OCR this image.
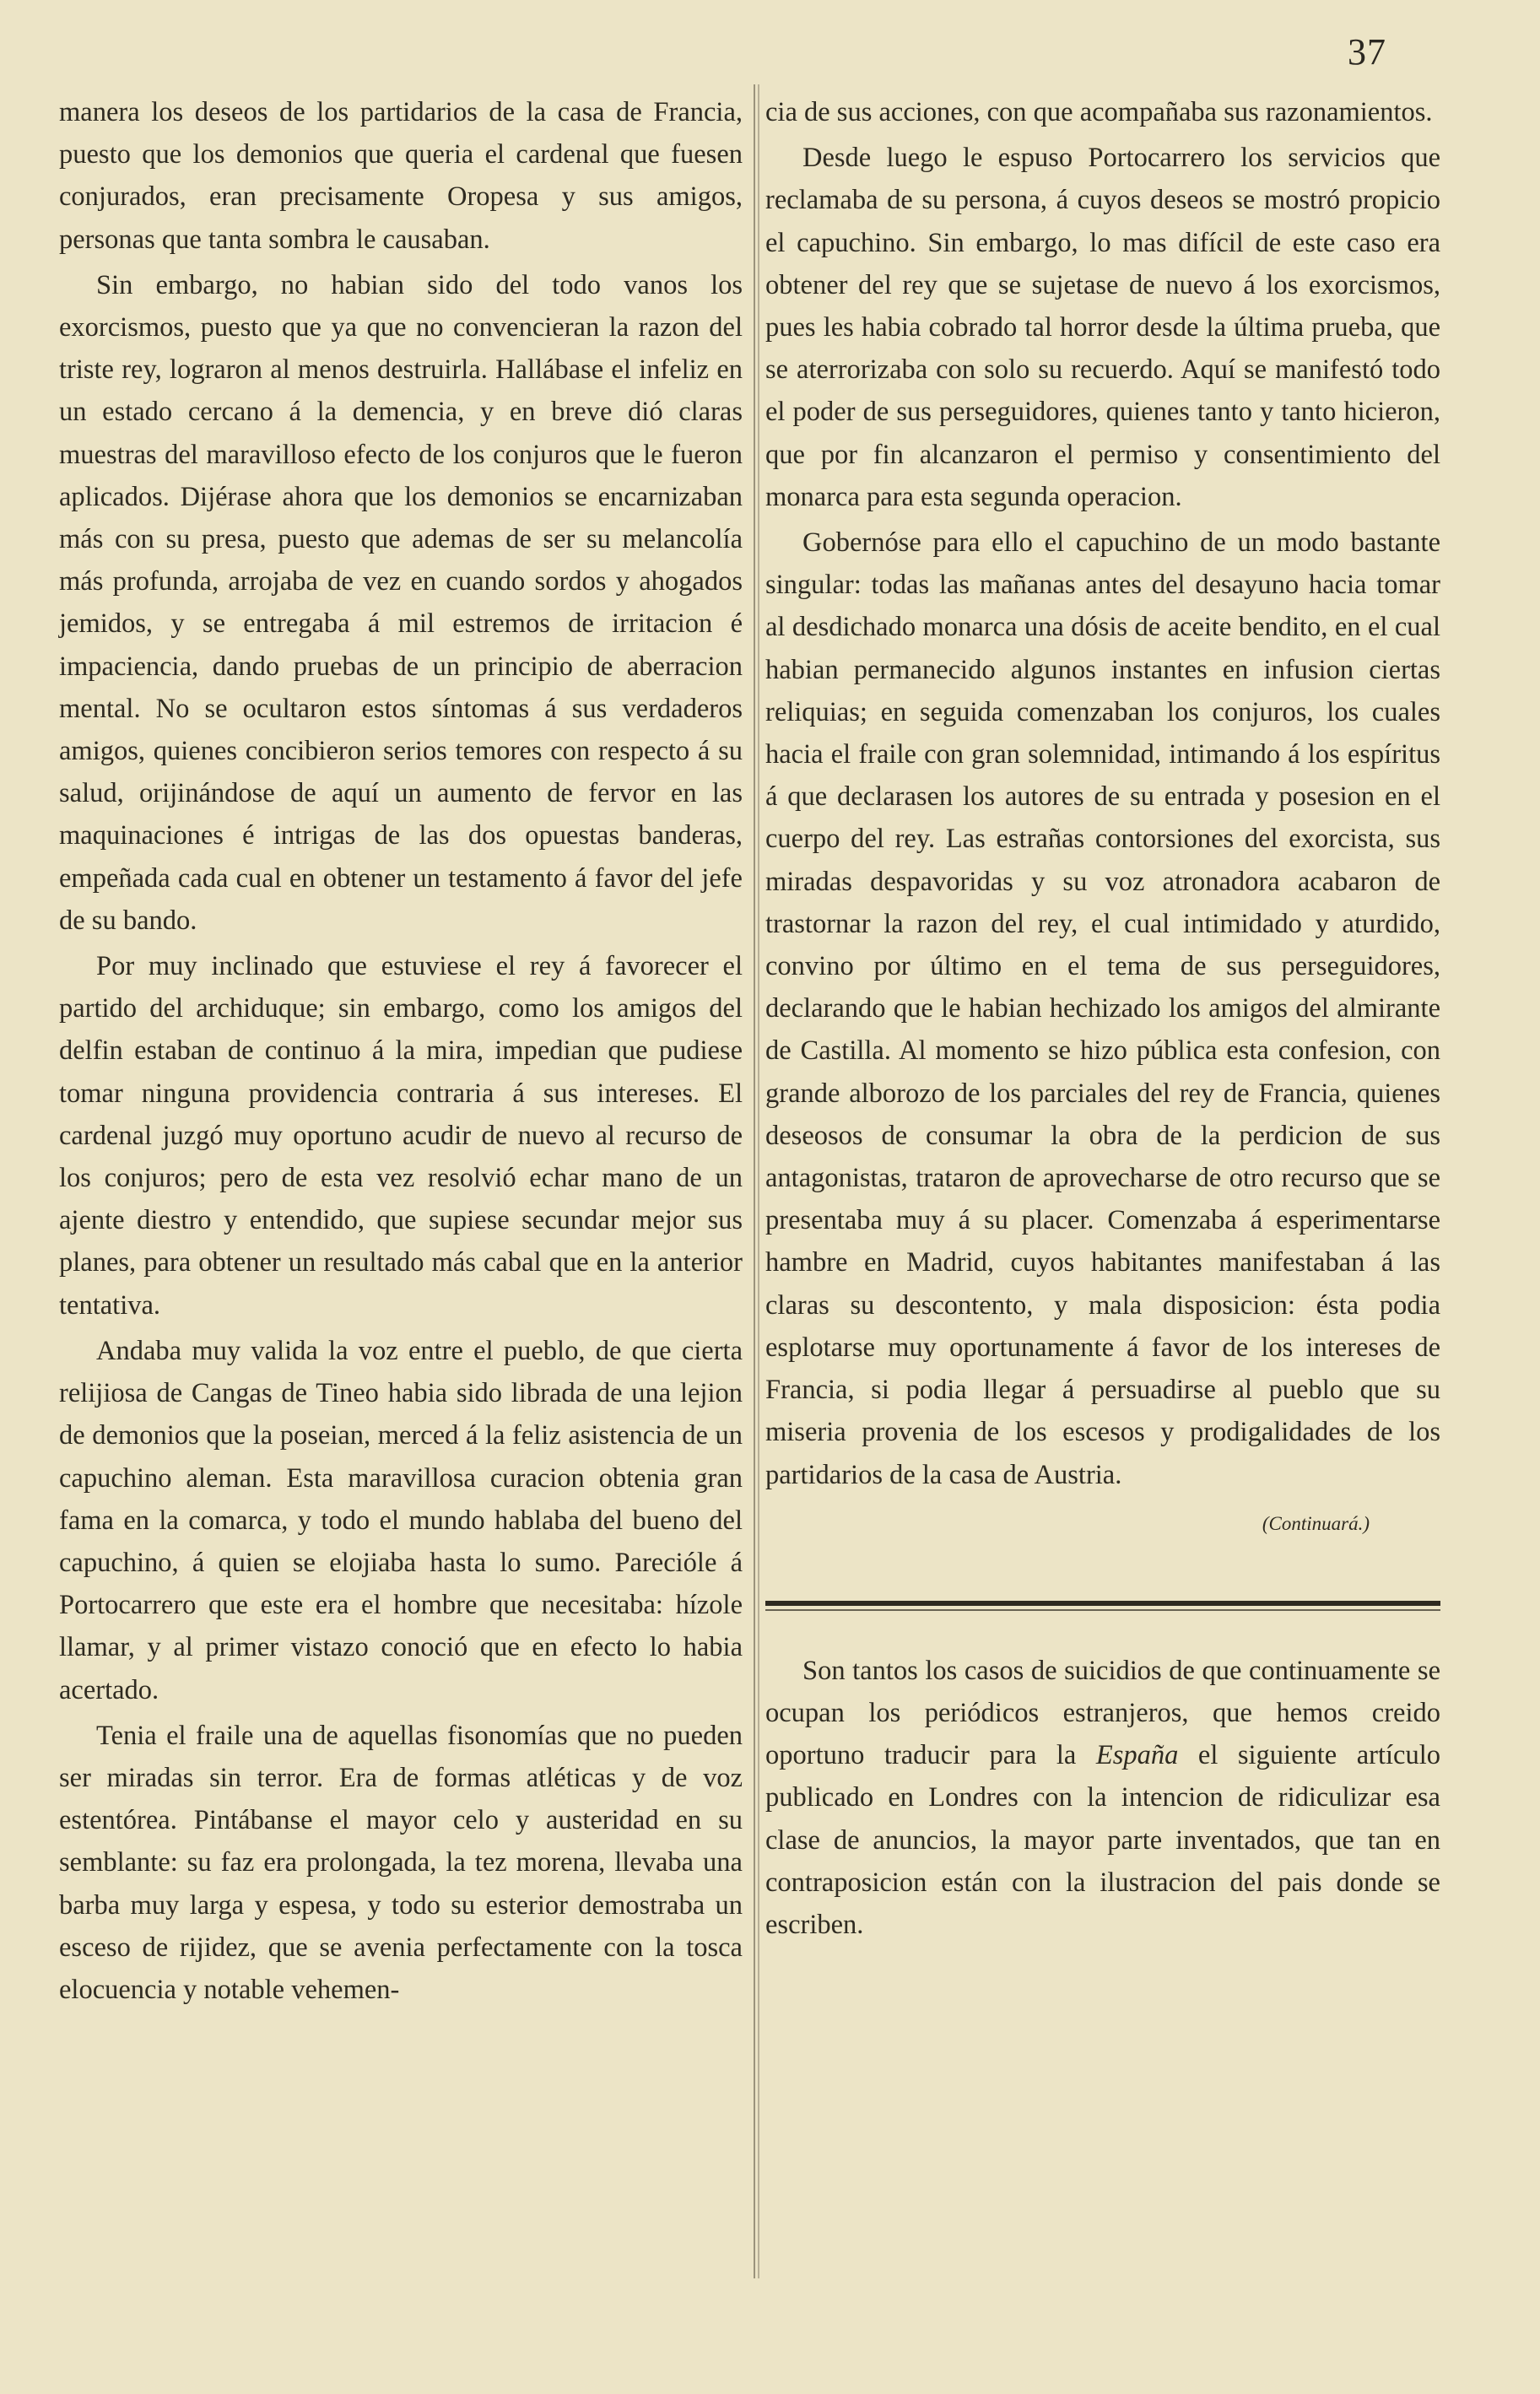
37

manera los deseos de los partidarios de la casa de Francia, puesto que los demonios que queria el cardenal que fuesen conjurados, eran precisamente Oropesa y sus amigos, personas que tanta sombra le causaban.

Sin embargo, no habian sido del todo vanos los exorcismos, puesto que ya que no convencieran la razon del triste rey, lograron al menos destruirla. Hallábase el infeliz en un estado cercano á la demencia, y en breve dió claras muestras del maravilloso efecto de los conjuros que le fueron aplicados. Dijérase ahora que los demonios se encarnizaban más con su presa, puesto que ademas de ser su melancolía más profunda, arrojaba de vez en cuando sordos y ahogados jemidos, y se entregaba á mil estremos de irritacion é impaciencia, dando pruebas de un principio de aberracion mental. No se ocultaron estos síntomas á sus verdaderos amigos, quienes concibieron serios temores con respecto á su salud, orijinándose de aquí un aumento de fervor en las maquinaciones é intrigas de las dos opuestas banderas, empeñada cada cual en obtener un testamento á favor del jefe de su bando.

Por muy inclinado que estuviese el rey á favorecer el partido del archiduque; sin embargo, como los amigos del delfin estaban de continuo á la mira, impedian que pudiese tomar ninguna providencia contraria á sus intereses. El cardenal juzgó muy oportuno acudir de nuevo al recurso de los conjuros; pero de esta vez resolvió echar mano de un ajente diestro y entendido, que supiese secundar mejor sus planes, para obtener un resultado más cabal que en la anterior tentativa.

Andaba muy valida la voz entre el pueblo, de que cierta relijiosa de Cangas de Tineo habia sido librada de una lejion de demonios que la poseian, merced á la feliz asistencia de un capuchino aleman. Esta maravillosa curacion obtenia gran fama en la comarca, y todo el mundo hablaba del bueno del capuchino, á quien se elojiaba hasta lo sumo. Parecióle á Portocarrero que este era el hombre que necesitaba: hízole llamar, y al primer vistazo conoció que en efecto lo habia acertado.

Tenia el fraile una de aquellas fisonomías que no pueden ser miradas sin terror. Era de formas atléticas y de voz estentórea. Pintábanse el mayor celo y austeridad en su semblante: su faz era prolongada, la tez morena, llevaba una barba muy larga y espesa, y todo su esterior demostraba un esceso de rijidez, que se avenia perfectamente con la tosca elocuencia y notable vehemen-

cia de sus acciones, con que acompañaba sus razonamientos.

Desde luego le espuso Portocarrero los servicios que reclamaba de su persona, á cuyos deseos se mostró propicio el capuchino. Sin embargo, lo mas difícil de este caso era obtener del rey que se sujetase de nuevo á los exorcismos, pues les habia cobrado tal horror desde la última prueba, que se aterrorizaba con solo su recuerdo. Aquí se manifestó todo el poder de sus perseguidores, quienes tanto y tanto hicieron, que por fin alcanzaron el permiso y consentimiento del monarca para esta segunda operacion.

Gobernóse para ello el capuchino de un modo bastante singular: todas las mañanas antes del desayuno hacia tomar al desdichado monarca una dósis de aceite bendito, en el cual habian permanecido algunos instantes en infusion ciertas reliquias; en seguida comenzaban los conjuros, los cuales hacia el fraile con gran solemnidad, intimando á los espíritus á que declarasen los autores de su entrada y posesion en el cuerpo del rey. Las estrañas contorsiones del exorcista, sus miradas despavoridas y su voz atronadora acabaron de trastornar la razon del rey, el cual intimidado y aturdido, convino por último en el tema de sus perseguidores, declarando que le habian hechizado los amigos del almirante de Castilla. Al momento se hizo pública esta confesion, con grande alborozo de los parciales del rey de Francia, quienes deseosos de consumar la obra de la perdicion de sus antagonistas, trataron de aprovecharse de otro recurso que se presentaba muy á su placer. Comenzaba á esperimentarse hambre en Madrid, cuyos habitantes manifestaban á las claras su descontento, y mala disposicion: ésta podia esplotarse muy oportunamente á favor de los intereses de Francia, si podia llegar á persuadirse al pueblo que su miseria provenia de los escesos y prodigalidades de los partidarios de la casa de Austria.

(Continuará.)

Son tantos los casos de suicidios de que continuamente se ocupan los periódicos estranjeros, que hemos creido oportuno traducir para la España el siguiente artículo publicado en Londres con la intencion de ridiculizar esa clase de anuncios, la mayor parte inventados, que tan en contraposicion están con la ilustracion del pais donde se escriben.
